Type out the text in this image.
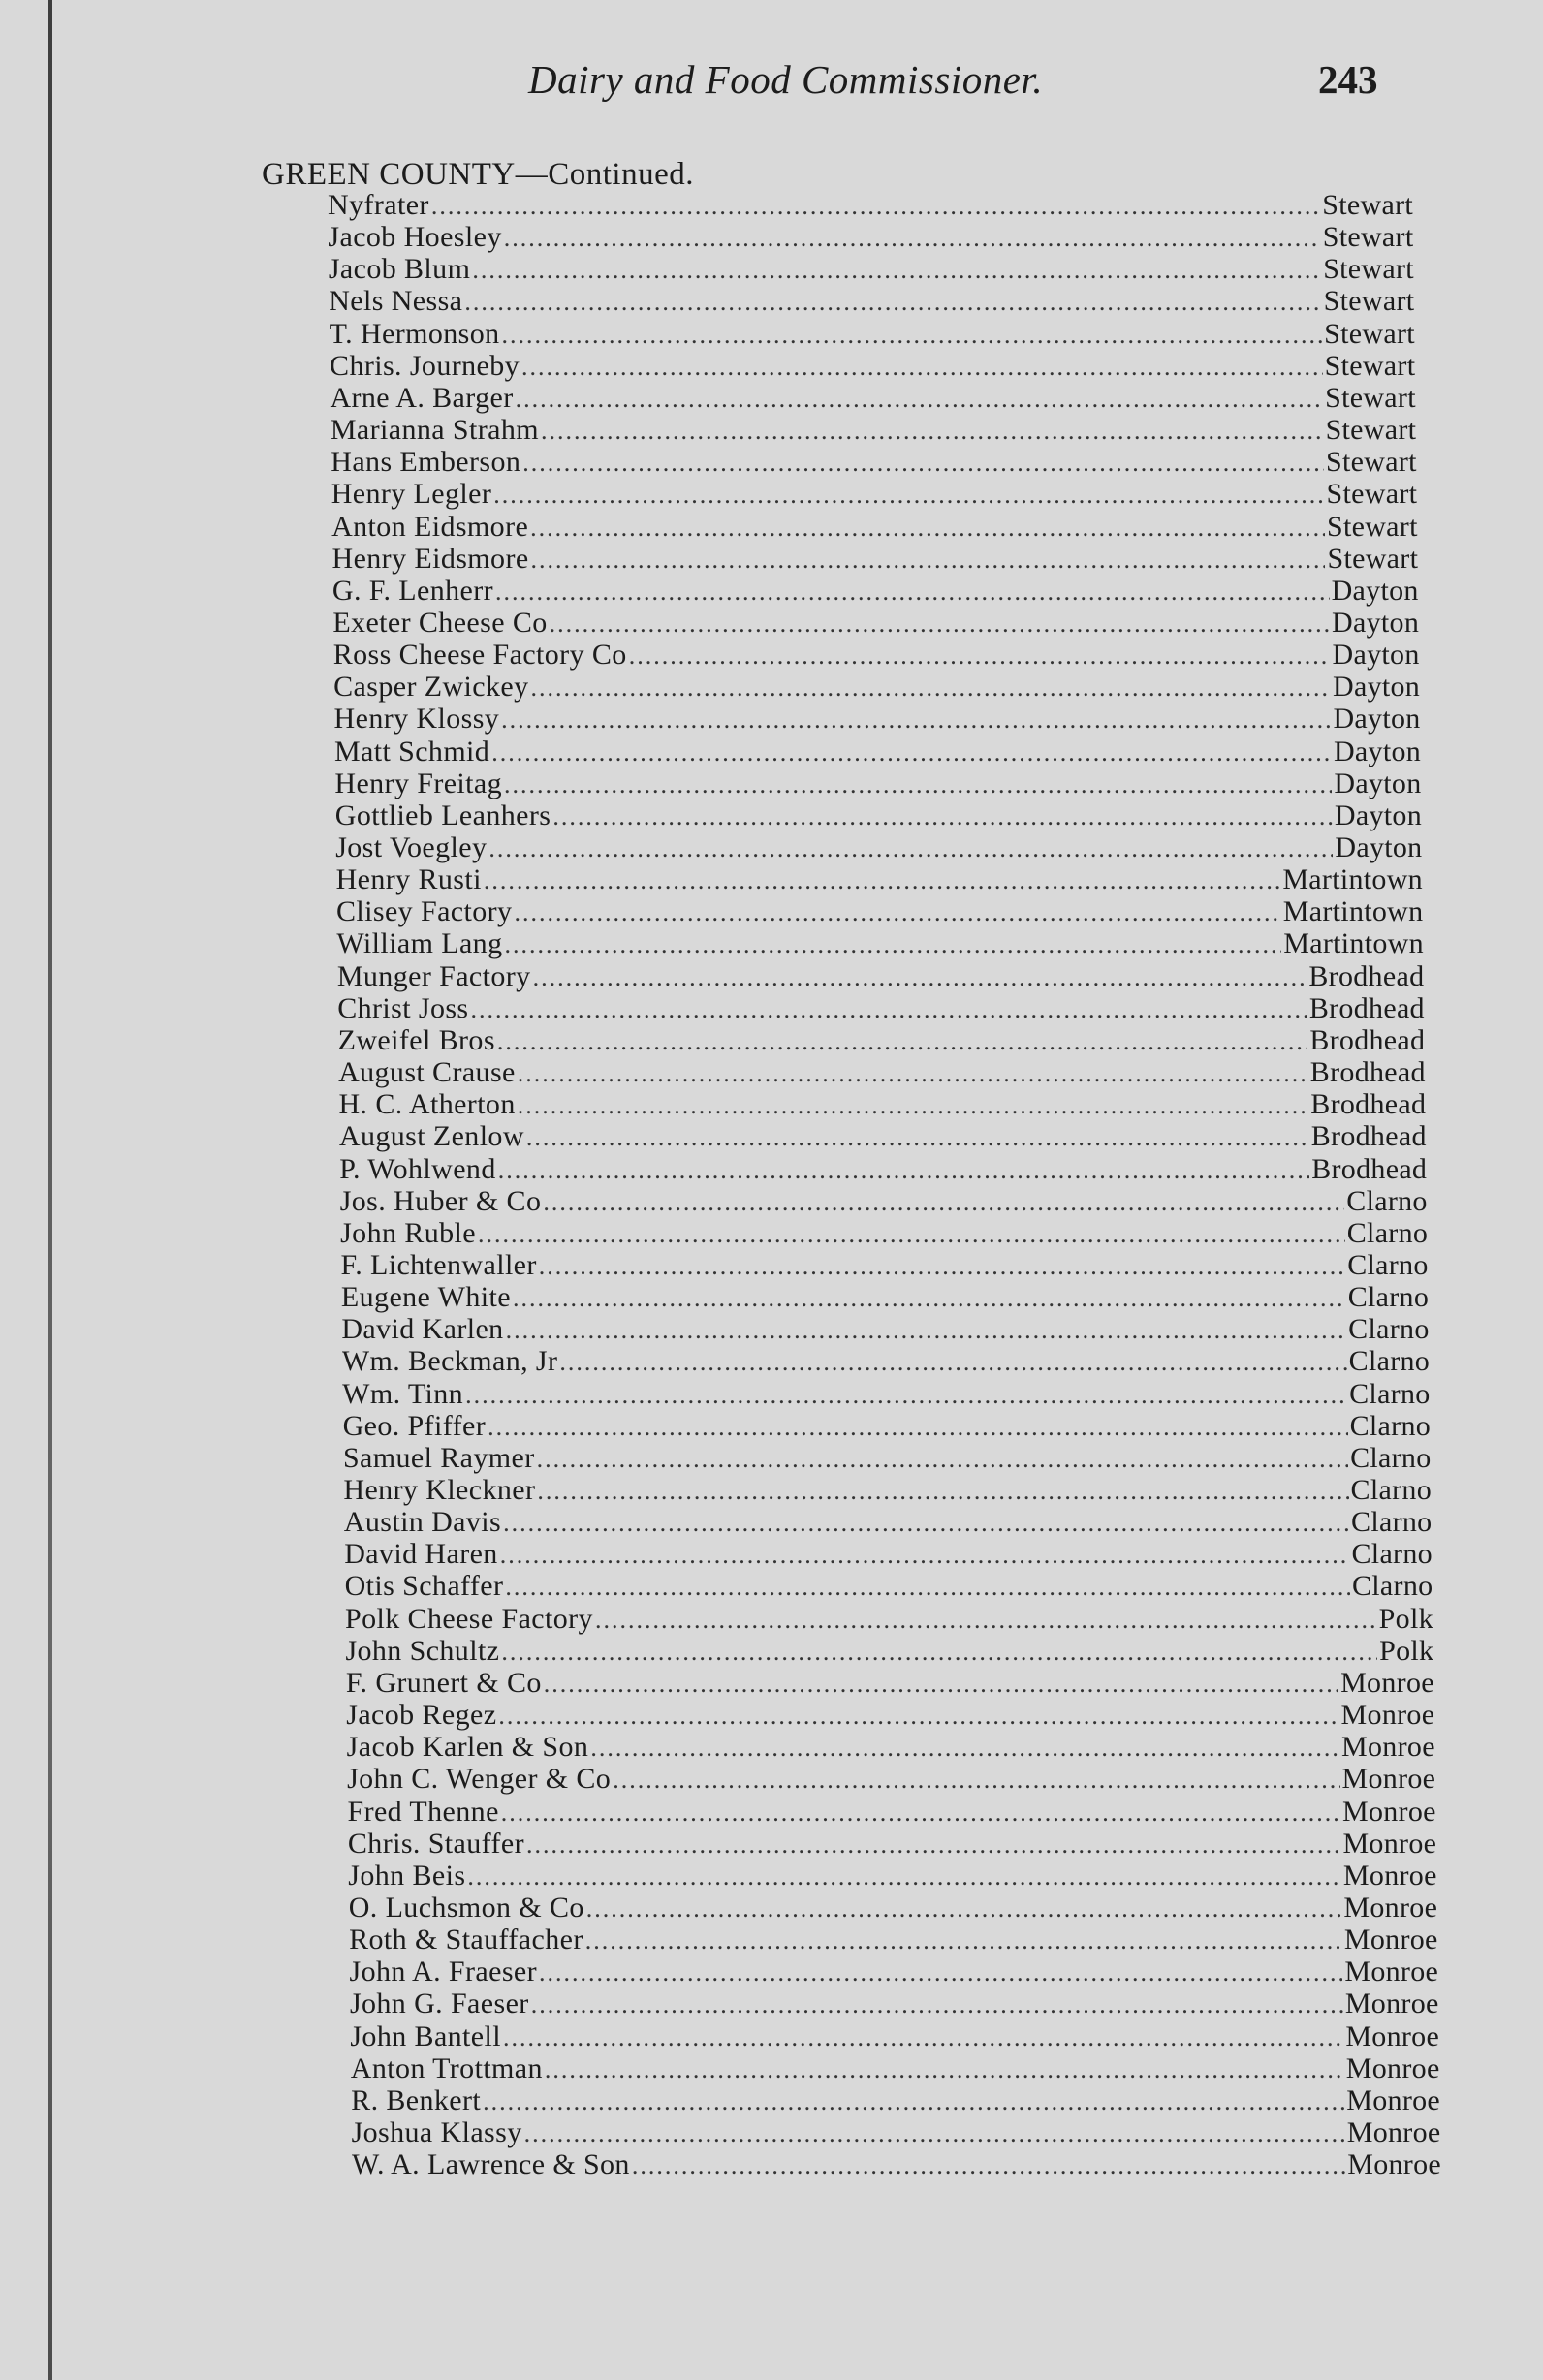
Dairy and Food Commissioner.	243
GREEN COUNTY—Continued.
Nyfrater .....	Stewart
Jacob Hoesley .....	Stewart
Jacob Blum .....	Stewart
Nels Nessa .....	Stewart
T. Hermonson .....	Stewart
Chris. Journeby .....	Stewart
Arne A. Barger .....	Stewart
Marianna Strahm .....	Stewart
Hans Emberson .....	Stewart
Henry Legler .....	Stewart
Anton Eidsmore .....	Stewart
Henry Eidsmore .....	Stewart
G. F. Lenherr .....	Dayton
Exeter Cheese Co .....	Dayton
Ross Cheese Factory Co .....	Dayton
Casper Zwickey .....	Dayton
Henry Klossy .....	Dayton
Matt Schmid .....	Dayton
Henry Freitag .....	Dayton
Gottlieb Leanhers .....	Dayton
Jost Voegley .....	Dayton
Henry Rusti .....	Martintown
Clisey Factory .....	Martintown
William Lang .....	Martintown
Munger Factory .....	Brodhead
Christ Joss .....	Brodhead
Zweifel Bros .....	Brodhead
August Crause .....	Brodhead
H. C. Atherton .....	Brodhead
August Zenlow .....	Brodhead
P. Wohlwend .....	Brodhead
Jos. Huber & Co .....	Clarno
John Ruble .....	Clarno
F. Lichtenwaller .....	Clarno
Eugene White .....	Clarno
David Karlen .....	Clarno
Wm. Beckman, Jr .....	Clarno
Wm. Tinn .....	Clarno
Geo. Pfiffer .....	Clarno
Samuel Raymer .....	Clarno
Henry Kleckner .....	Clarno
Austin Davis .....	Clarno
David Haren .....	Clarno
Otis Schaffer .....	Clarno
Polk Cheese Factory .....	Polk
John Schultz .....	Polk
F. Grunert & Co .....	Monroe
Jacob Regez .....	Monroe
Jacob Karlen & Son .....	Monroe
John C. Wenger & Co .....	Monroe
Fred Thenne .....	Monroe
Chris. Stauffer .....	Monroe
John Beis .....	Monroe
O. Luchsmon & Co .....	Monroe
Roth & Stauffacher .....	Monroe
John A. Fraeser .....	Monroe
John G. Faeser .....	Monroe
John Bantell .....	Monroe
Anton Trottman .....	Monroe
R. Benkert .....	Monroe
Joshua Klassy .....	Monroe
W. A. Lawrence & Son .....	Monroe
